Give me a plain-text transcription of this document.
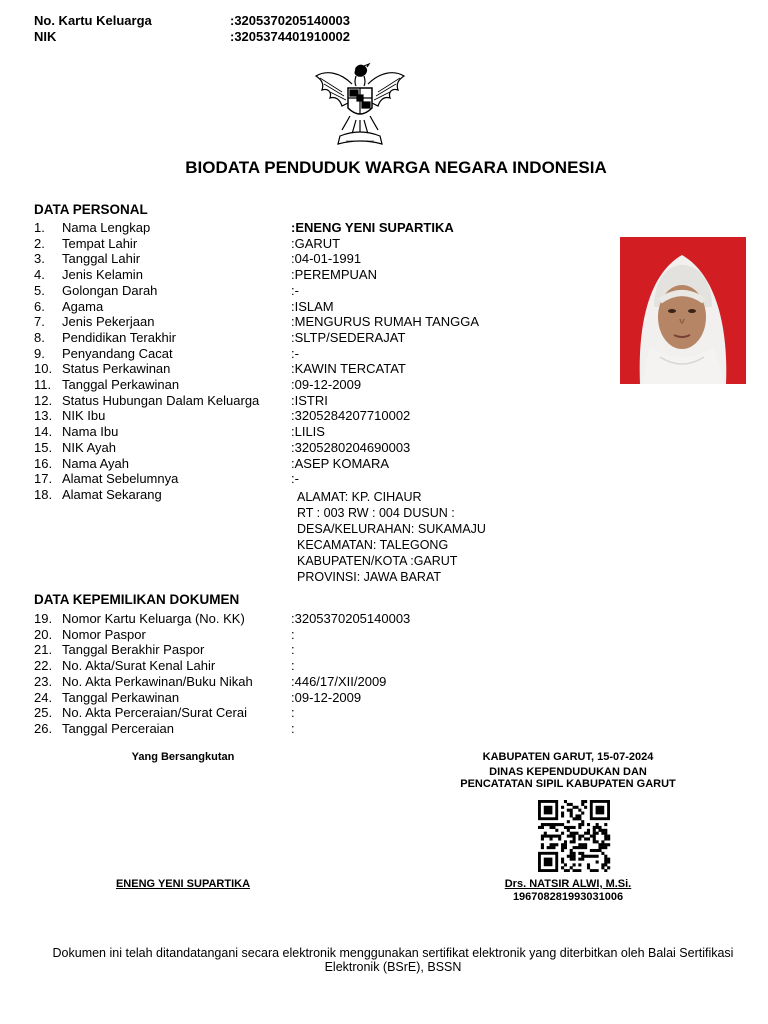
No. Kartu Keluarga	:3205370205140003
NIK	:3205374401910002
BIODATA PENDUDUK WARGA NEGARA INDONESIA
DATA PERSONAL
1. Nama Lengkap	:ENENG YENI SUPARTIKA
2. Tempat Lahir	:GARUT
3. Tanggal Lahir	:04-01-1991
4. Jenis Kelamin	:PEREMPUAN
5. Golongan Darah	:-
6. Agama	:ISLAM
7. Jenis Pekerjaan	:MENGURUS RUMAH TANGGA
8. Pendidikan Terakhir	:SLTP/SEDERAJAT
9. Penyandang Cacat	:-
10. Status Perkawinan	:KAWIN TERCATAT
11. Tanggal Perkawinan	:09-12-2009
12. Status Hubungan Dalam Keluarga :ISTRI
13. NIK Ibu	:3205284207710002
14. Nama Ibu	:LILIS
15. NIK Ayah	:3205280204690003
16. Nama Ayah	:ASEP KOMARA
17. Alamat Sebelumnya	:-
18. Alamat Sekarang	ALAMAT: KP. CIHAUR
RT : 003 RW : 004 DUSUN :
DESA/KELURAHAN: SUKAMAJU
KECAMATAN: TALEGONG
KABUPATEN/KOTA :GARUT
PROVINSI: JAWA BARAT
DATA KEPEMILIKAN DOKUMEN
19. Nomor Kartu Keluarga (No. KK)	:3205370205140003
20. Nomor Paspor	:
21. Tanggal Berakhir Paspor	:
22. No. Akta/Surat Kenal Lahir	:
23. No. Akta Perkawinan/Buku Nikah	:446/17/XII/2009
24. Tanggal Perkawinan	:09-12-2009
25. No. Akta Perceraian/Surat Cerai	:
26. Tanggal Perceraian	:
Yang Bersangkutan
ENENG YENI SUPARTIKA
KABUPATEN GARUT, 15-07-2024
DINAS KEPENDUDUKAN DAN
PENCATATAN SIPIL KABUPATEN GARUT
Drs. NATSIR ALWI, M.Si.
196708281993031006
Dokumen ini telah ditandatangani secara elektronik menggunakan sertifikat elektronik yang diterbitkan oleh Balai Sertifikasi Elektronik (BSrE), BSSN
